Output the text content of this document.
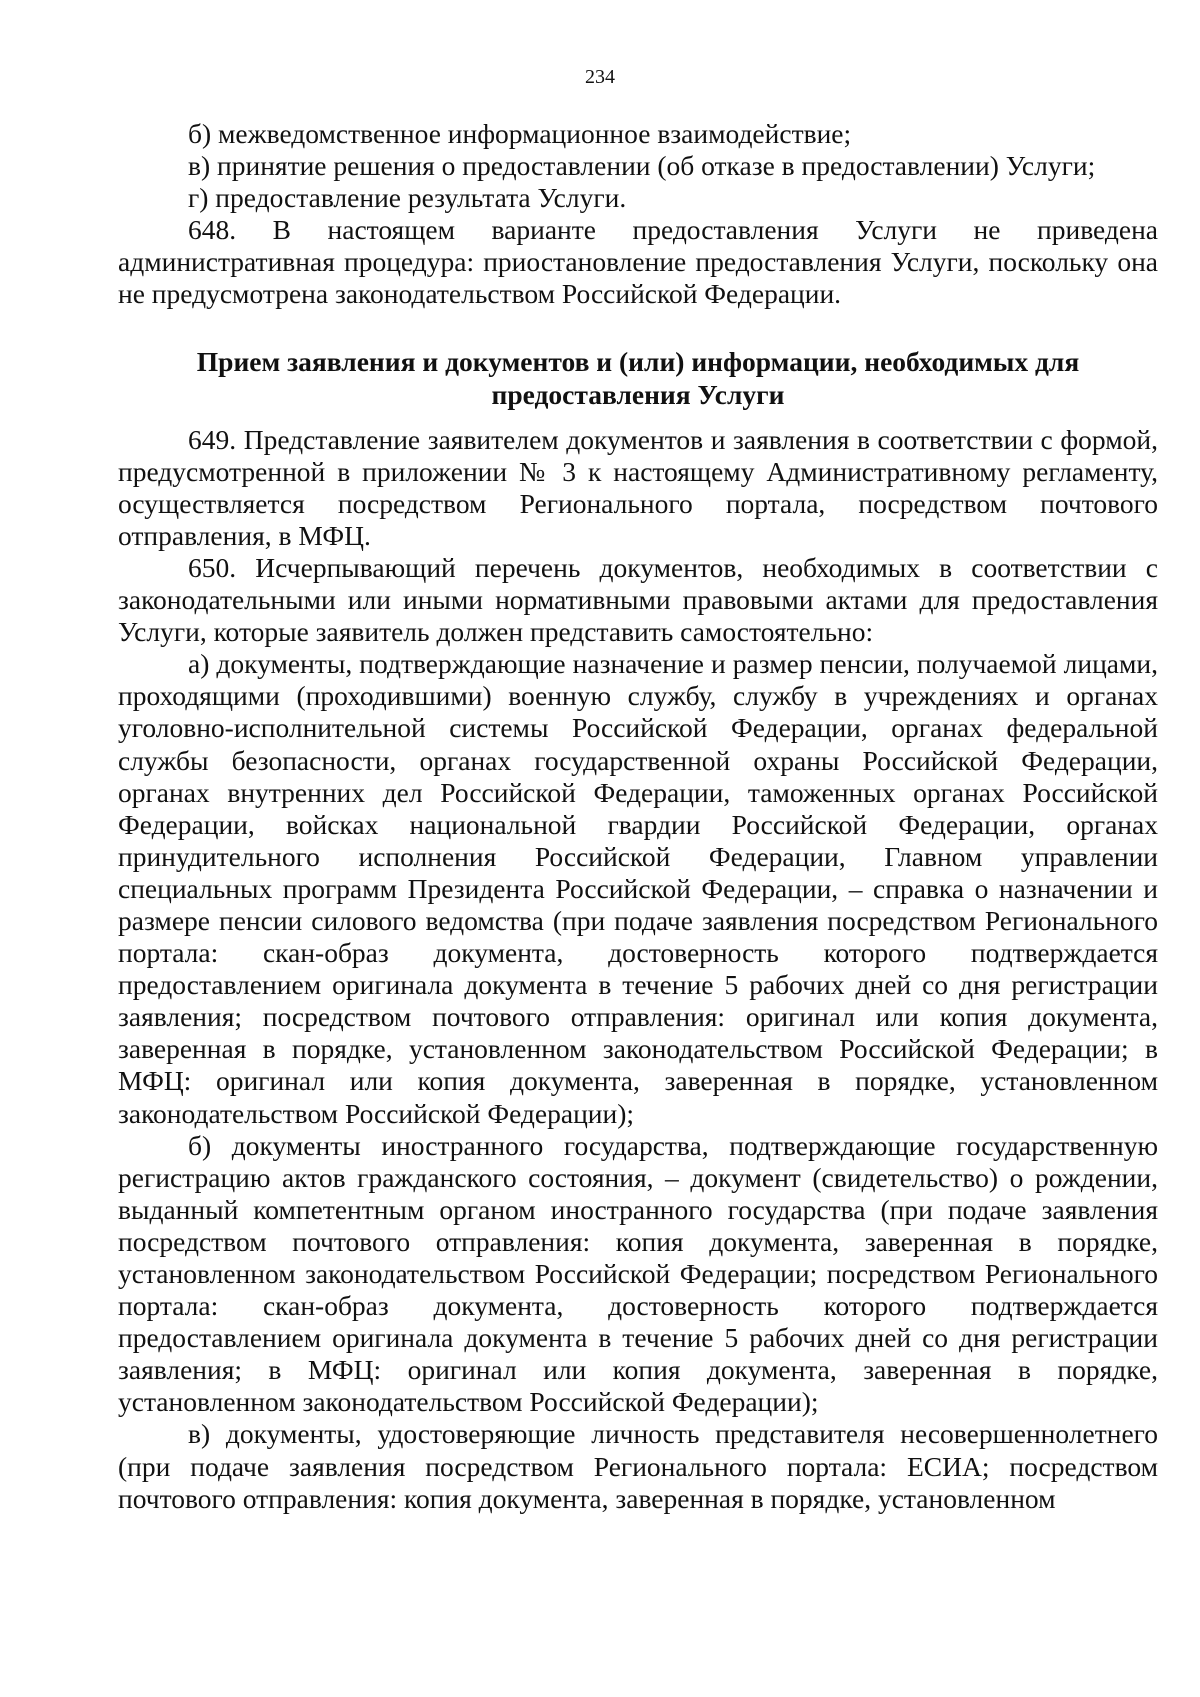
234

б) межведомственное информационное взаимодействие;

в) принятие решения о предоставлении (об отказе в предоставлении) Услуги;

г) предоставление результата Услуги.

648. В настоящем варианте предоставления Услуги не приведена административная процедура: приостановление предоставления Услуги, поскольку она не предусмотрена законодательством Российской Федерации.

Прием заявления и документов и (или) информации, необходимых для
предоставления Услуги

649. Представление заявителем документов и заявления в соответствии с формой, предусмотренной в приложении № 3 к настоящему Административному регламенту, осуществляется посредством Регионального портала, посредством почтового отправления, в МФЦ.

650. Исчерпывающий перечень документов, необходимых в соответствии с законодательными или иными нормативными правовыми актами для предоставления Услуги, которые заявитель должен представить самостоятельно:

а) документы, подтверждающие назначение и размер пенсии, получаемой лицами, проходящими (проходившими) военную службу, службу в учреждениях и органах уголовно-исполнительной системы Российской Федерации, органах федеральной службы безопасности, органах государственной охраны Российской Федерации, органах внутренних дел Российской Федерации, таможенных органах Российской Федерации, войсках национальной гвардии Российской Федерации, органах принудительного исполнения Российской Федерации, Главном управлении специальных программ Президента Российской Федерации, – справка о назначении и размере пенсии силового ведомства (при подаче заявления посредством Регионального портала: скан-образ документа, достоверность которого подтверждается предоставлением оригинала документа в течение 5 рабочих дней со дня регистрации заявления; посредством почтового отправления: оригинал или копия документа, заверенная в порядке, установленном законодательством Российской Федерации; в МФЦ: оригинал или копия документа, заверенная в порядке, установленном законодательством Российской Федерации);

б) документы иностранного государства, подтверждающие государственную регистрацию актов гражданского состояния, – документ (свидетельство) о рождении, выданный компетентным органом иностранного государства (при подаче заявления посредством почтового отправления: копия документа, заверенная в порядке, установленном законодательством Российской Федерации; посредством Регионального портала: скан-образ документа, достоверность которого подтверждается предоставлением оригинала документа в течение 5 рабочих дней со дня регистрации заявления; в МФЦ: оригинал или копия документа, заверенная в порядке, установленном законодательством Российской Федерации);

в) документы, удостоверяющие личность представителя несовершеннолетнего (при подаче заявления посредством Регионального портала: ЕСИА; посредством почтового отправления: копия документа, заверенная в порядке, установленном
